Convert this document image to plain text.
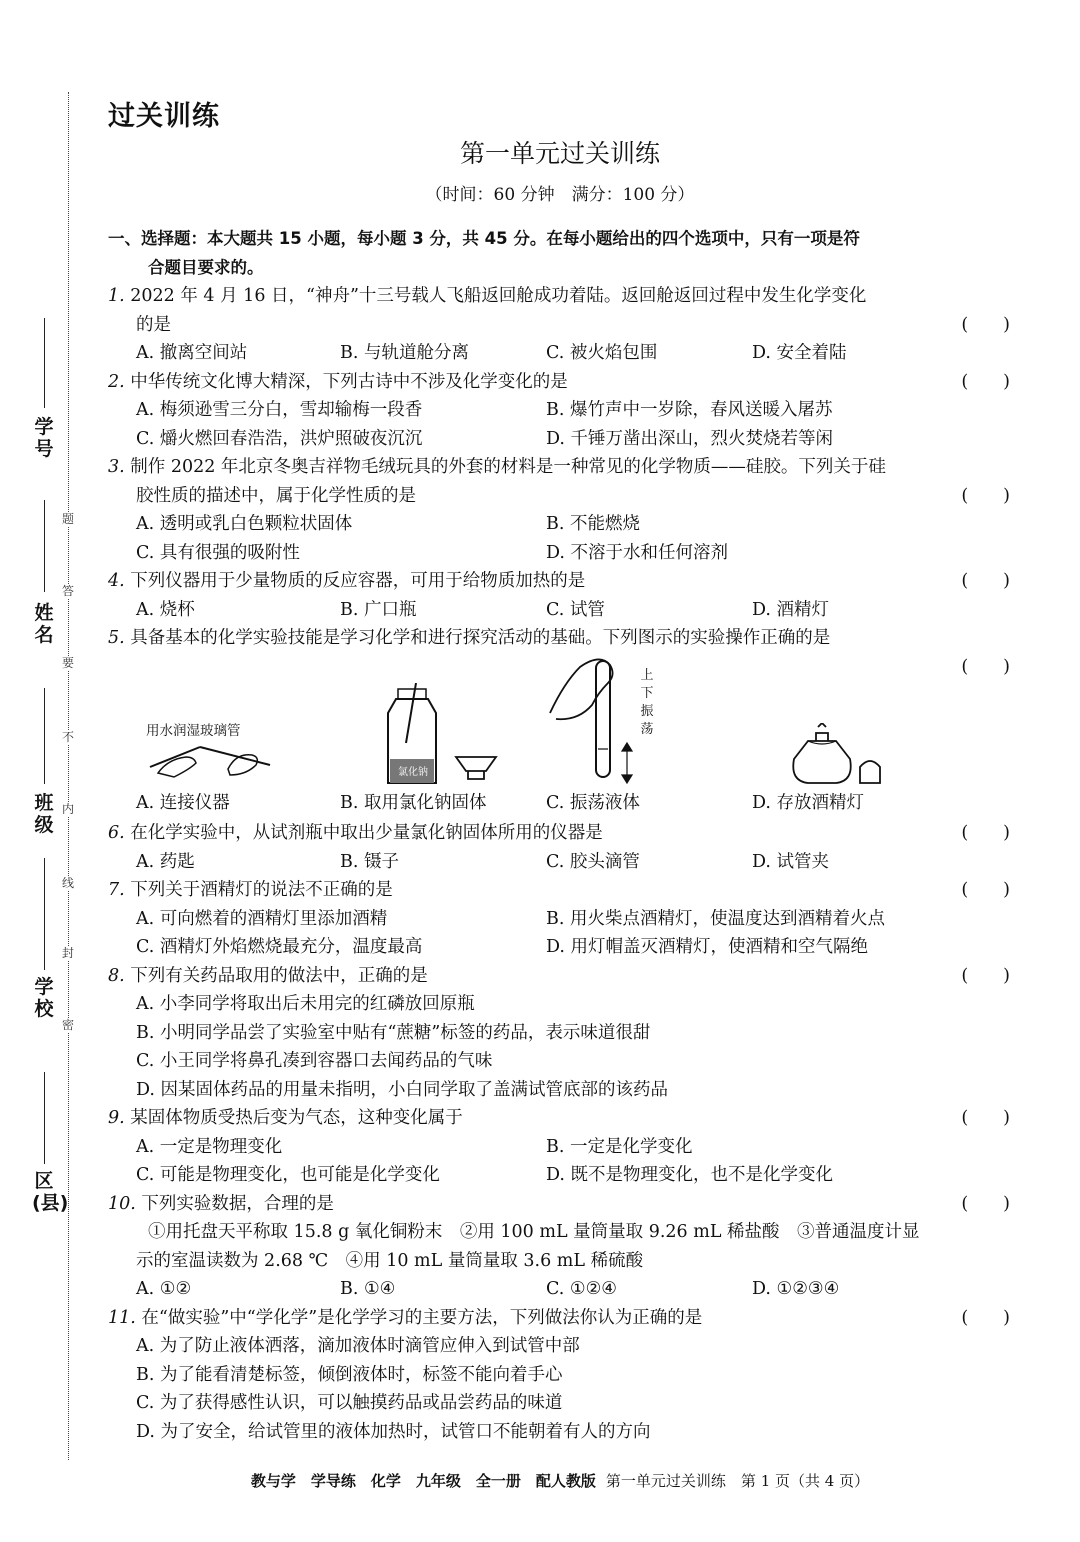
题
答
要
不
内
线
封
密
学号
姓名
班级
学校
区(县)
过关训练
第一单元过关训练
（时间：60 分钟　满分：100 分）
一、选择题：本大题共 15 小题，每小题 3 分，共 45 分。在每小题给出的四个选项中，只有一项是符
合题目要求的。
1. 2022 年 4 月 16 日，“神舟”十三号载人飞船返回舱成功着陆。返回舱返回过程中发生化学变化
的是	(　　)
A. 撤离空间站	B. 与轨道舱分离	C. 被火焰包围	D. 安全着陆
2. 中华传统文化博大精深，下列古诗中不涉及化学变化的是	(　　)
A. 梅须逊雪三分白，雪却输梅一段香	B. 爆竹声中一岁除，春风送暖入屠苏
C. 爝火燃回春浩浩，洪炉照破夜沉沉	D. 千锤万凿出深山，烈火焚烧若等闲
3. 制作 2022 年北京冬奥吉祥物毛绒玩具的外套的材料是一种常见的化学物质——硅胶。下列关于硅
胶性质的描述中，属于化学性质的是	(　　)
A. 透明或乳白色颗粒状固体	B. 不能燃烧
C. 具有很强的吸附性	D. 不溶于水和任何溶剂
4. 下列仪器用于少量物质的反应容器，可用于给物质加热的是	(　　)
A. 烧杯	B. 广口瓶	C. 试管	D. 酒精灯
5. 具备基本的化学实验技能是学习化学和进行探究活动的基础。下列图示的实验操作正确的是
(　　)
用水润湿玻璃管
氯化钠
上下振荡
A. 连接仪器	B. 取用氯化钠固体	C. 振荡液体	D. 存放酒精灯
6. 在化学实验中，从试剂瓶中取出少量氯化钠固体所用的仪器是	(　　)
A. 药匙	B. 镊子	C. 胶头滴管	D. 试管夹
7. 下列关于酒精灯的说法不正确的是	(　　)
A. 可向燃着的酒精灯里添加酒精	B. 用火柴点酒精灯，使温度达到酒精着火点
C. 酒精灯外焰燃烧最充分，温度最高	D. 用灯帽盖灭酒精灯，使酒精和空气隔绝
8. 下列有关药品取用的做法中，正确的是	(　　)
A. 小李同学将取出后未用完的红磷放回原瓶
B. 小明同学品尝了实验室中贴有“蔗糖”标签的药品，表示味道很甜
C. 小王同学将鼻孔凑到容器口去闻药品的气味
D. 因某固体药品的用量未指明，小白同学取了盖满试管底部的该药品
9. 某固体物质受热后变为气态，这种变化属于	(　　)
A. 一定是物理变化	B. 一定是化学变化
C. 可能是物理变化，也可能是化学变化	D. 既不是物理变化，也不是化学变化
10. 下列实验数据，合理的是	(　　)
①用托盘天平称取 15.8 g 氧化铜粉末　②用 100 mL 量筒量取 9.26 mL 稀盐酸　③普通温度计显
示的室温读数为 2.68 ℃　④用 10 mL 量筒量取 3.6 mL 稀硫酸
A. ①②	B. ①④	C. ①②④	D. ①②③④
11. 在“做实验”中“学化学”是化学学习的主要方法，下列做法你认为正确的是	(　　)
A. 为了防止液体洒落，滴加液体时滴管应伸入到试管中部
B. 为了能看清楚标签，倾倒液体时，标签不能向着手心
C. 为了获得感性认识，可以触摸药品或品尝药品的味道
D. 为了安全，给试管里的液体加热时，试管口不能朝着有人的方向
教与学　学导练　化学　九年级　全一册　配人教版 第一单元过关训练　第 1 页（共 4 页）
